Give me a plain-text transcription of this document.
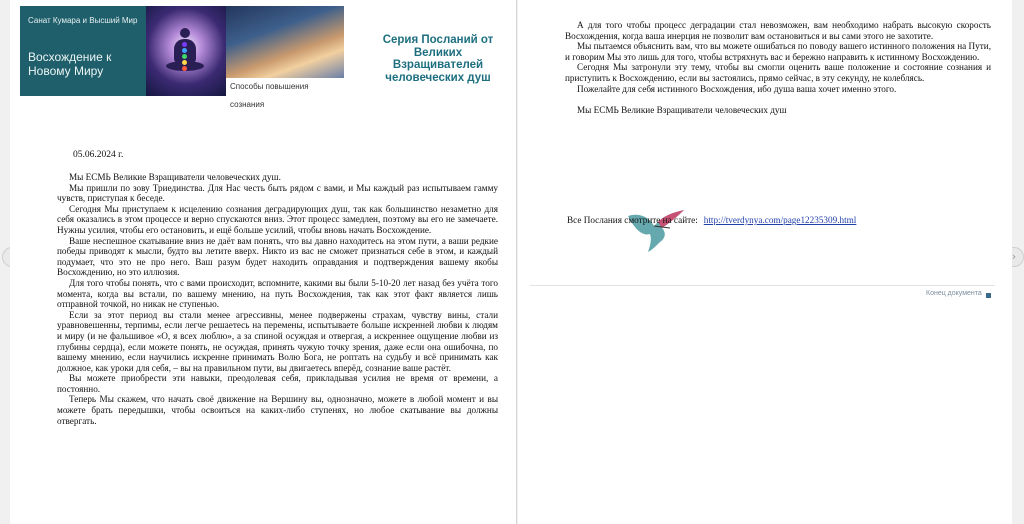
›
Санат Кумара и Высший Мир
Восхождение к Новому Миру
Способы повышения сознания
Серия Посланий от Великих Взращивателей человеческих душ
05.06.2024 г.

Мы ЕСМЬ Великие Взращиватели человеческих душ.

Мы пришли по зову Триединства. Для Нас честь быть рядом с вами, и Мы каждый раз испытываем гамму чувств, приступая к беседе.

Сегодня Мы приступаем к исцелению сознания деградирующих душ, так как большинство незаметно для себя оказались в этом процессе и верно спускаются вниз. Этот процесс замедлен, поэтому вы его не замечаете. Нужны усилия, чтобы его остановить, и ещё больше усилий, чтобы вновь начать Восхождение.

Ваше неспешное скатывание вниз не даёт вам понять, что вы давно находитесь на этом пути, а ваши редкие победы приводят к мысли, будто вы летите вверх. Никто из вас не сможет признаться себе в этом, и каждый подумает, что это не про него. Ваш разум будет находить оправдания и подтверждения вашему якобы Восхождению, но это иллюзия.

Для того чтобы понять, что с вами происходит, вспомните, какими вы были 5-10-20 лет назад без учёта того момента, когда вы встали, по вашему мнению, на путь Восхождения, так как этот факт является лишь отправной точкой, но никак не ступенью.

Если за этот период вы стали менее агрессивны, менее подвержены страхам, чувству вины, стали уравновешенны, терпимы, если легче решаетесь на перемены, испытываете больше искренней любви к людям и миру (и не фальшивое «О, я всех люблю», а за спиной осуждая и отвергая, а искреннее ощущение любви из глубины сердца), если можете понять, не осуждая, принять чужую точку зрения, даже если она ошибочна, по вашему мнению, если научились искренне принимать Волю Бога, не роптать на судьбу и всё принимать как должное, как уроки для себя, – вы на правильном пути, вы двигаетесь вперёд, сознание ваше растёт.

Вы можете приобрести эти навыки, преодолевая себя, прикладывая усилия не время от времени, а постоянно.

Теперь Мы скажем, что начать своё движение на Вершину вы, однозначно, можете в любой момент и вы можете брать передышки, чтобы освоиться на каких-либо ступенях, но любое скатывание вы должны отвергать.

А для того чтобы процесс деградации стал невозможен, вам необходимо набрать высокую скорость Восхождения, когда ваша инерция не позволит вам остановиться и вы сами этого не захотите.

Мы пытаемся объяснить вам, что вы можете ошибаться по поводу вашего истинного положения на Пути, и говорим Мы это лишь для того, чтобы встряхнуть вас и бережно направить к истинному Восхождению.

Сегодня Мы затронули эту тему, чтобы вы смогли оценить ваше положение и состояние сознания и приступить к Восхождению, если вы застоялись, прямо сейчас, в эту секунду, не колеблясь.

Пожелайте для себя истинного Восхождения, ибо душа ваша хочет именно этого.

Мы ЕСМЬ Великие Взращиватели человеческих душ

Все Послания смотрите на сайте: http://tverdynya.com/page12235309.html
Конец документа
